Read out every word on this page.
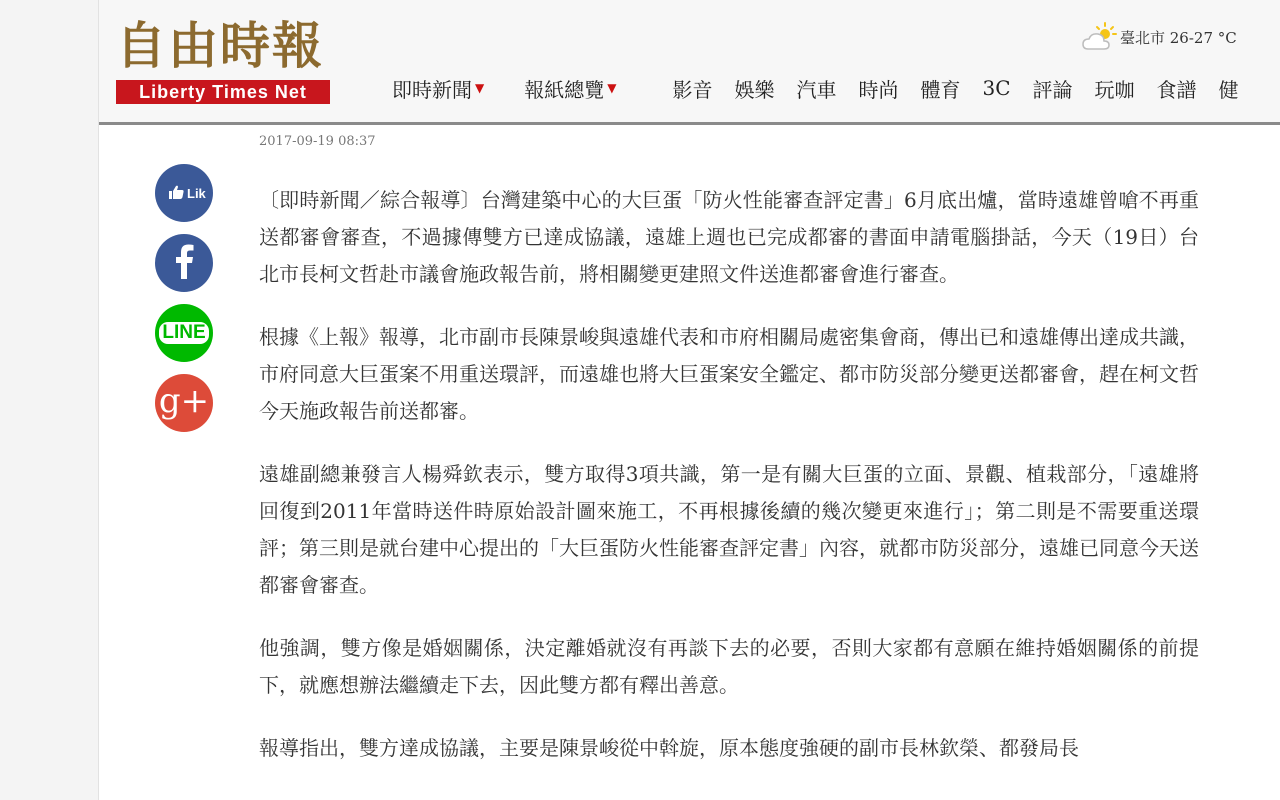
自由時報
Liberty Times Net
臺北市 26-27 °C
即時新聞 ▼ 報紙總覽 ▼	影音 娛樂 汽車 時尚 體育 3C 評論 玩咖 食譜 健
Lik
LINE
g+
2017-09-19 08:37

〔即時新聞／綜合報導〕台灣建築中心的大巨蛋「防火性能審查評定書」6月底出爐，當時遠雄曾嗆不再重送都審會審查，不過據傳雙方已達成協議，遠雄上週也已完成都審的書面申請電腦掛話，今天（19日）台北市長柯文哲赴市議會施政報告前，將相關變更建照文件送進都審會進行審查。

根據《上報》報導，北市副市長陳景峻與遠雄代表和市府相關局處密集會商，傳出已和遠雄傳出達成共識，市府同意大巨蛋案不用重送環評，而遠雄也將大巨蛋案安全鑑定、都市防災部分變更送都審會，趕在柯文哲今天施政報告前送都審。

遠雄副總兼發言人楊舜欽表示，雙方取得3項共識，第一是有關大巨蛋的立面、景觀、植栽部分，「遠雄將回復到2011年當時送件時原始設計圖來施工，不再根據後續的幾次變更來進行」；第二則是不需要重送環評；第三則是就台建中心提出的「大巨蛋防火性能審查評定書」內容，就都市防災部分，遠雄已同意今天送都審會審查。

他強調，雙方像是婚姻關係，決定離婚就沒有再談下去的必要，否則大家都有意願在維持婚姻關係的前提下，就應想辦法繼續走下去，因此雙方都有釋出善意。

報導指出，雙方達成協議，主要是陳景峻從中斡旋，原本態度強硬的副市長林欽榮、都發局長
